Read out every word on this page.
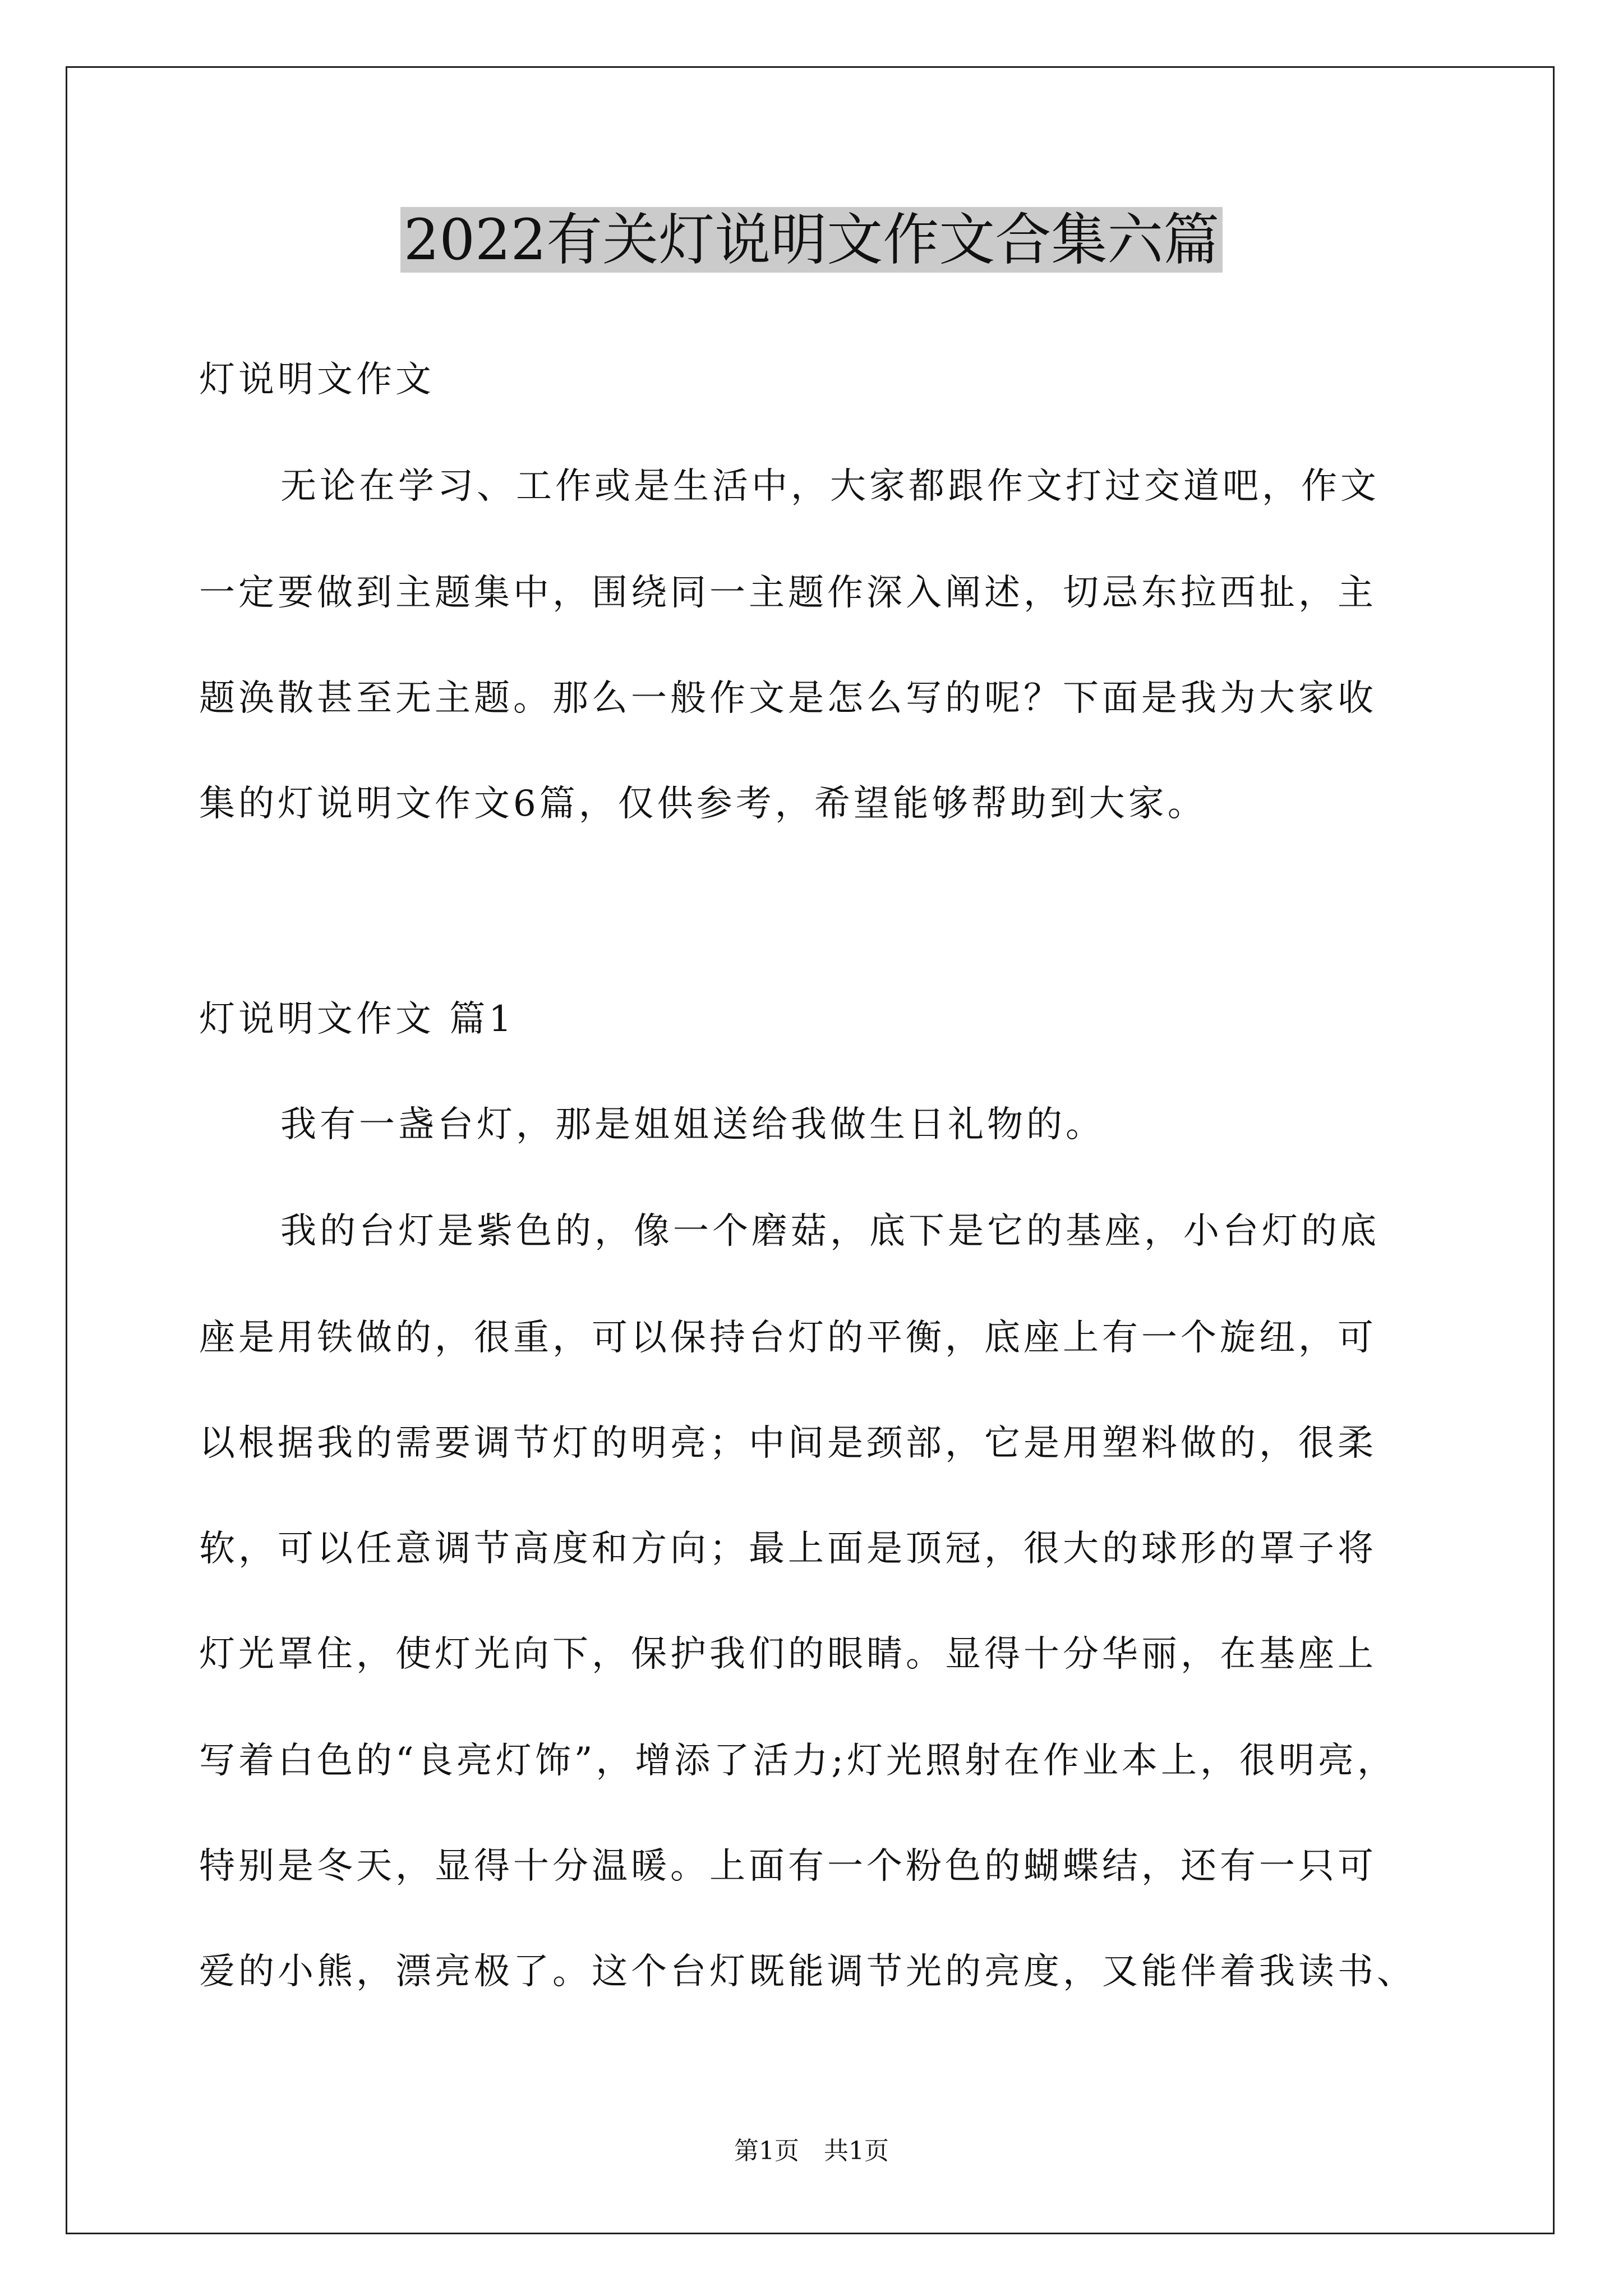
2022有关灯说明文作文合集六篇
灯说明文作文
无论在学习、工作或是生活中，大家都跟作文打过交道吧，作文
一定要做到主题集中，围绕同一主题作深入阐述，切忌东拉西扯，主
题涣散甚至无主题。那么一般作文是怎么写的呢？下面是我为大家收
集的灯说明文作文6篇，仅供参考，希望能够帮助到大家。
灯说明文作文 篇1
我有一盏台灯，那是姐姐送给我做生日礼物的。
我的台灯是紫色的，像一个磨菇，底下是它的基座，小台灯的底
座是用铁做的，很重，可以保持台灯的平衡，底座上有一个旋纽，可
以根据我的需要调节灯的明亮；中间是颈部，它是用塑料做的，很柔
软，可以任意调节高度和方向；最上面是顶冠，很大的球形的罩子将
灯光罩住，使灯光向下，保护我们的眼睛。显得十分华丽，在基座上
写着白色的“良亮灯饰”，增添了活力;灯光照射在作业本上，很明亮，
特别是冬天，显得十分温暖。上面有一个粉色的蝴蝶结，还有一只可
爱的小熊，漂亮极了。这个台灯既能调节光的亮度，又能伴着我读书、
第1页　共1页
